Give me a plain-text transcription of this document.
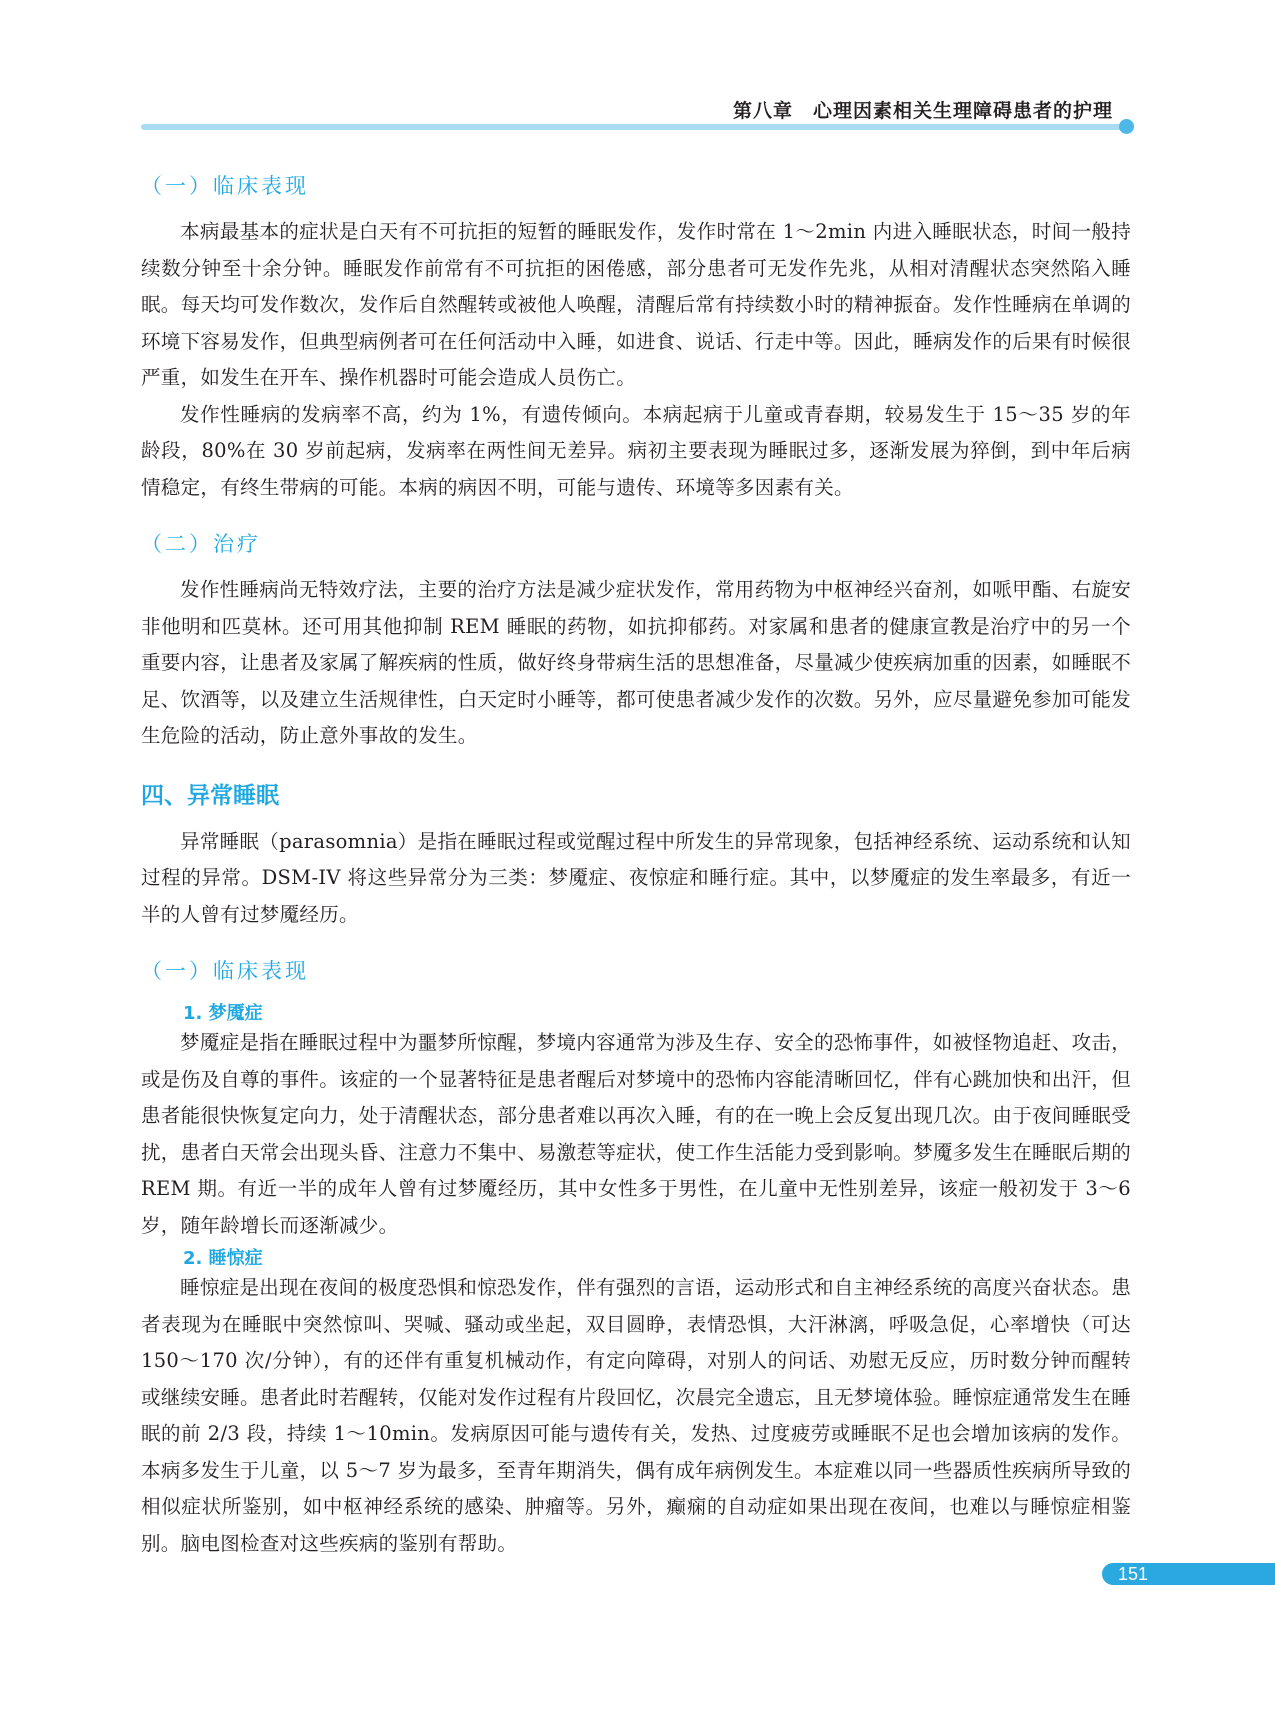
第八章　心理因素相关生理障碍患者的护理
（一）临床表现

本病最基本的症状是白天有不可抗拒的短暂的睡眠发作，发作时常在 1～2min 内进入睡眠状态，时间一般持续数分钟至十余分钟。睡眠发作前常有不可抗拒的困倦感，部分患者可无发作先兆，从相对清醒状态突然陷入睡眠。每天均可发作数次，发作后自然醒转或被他人唤醒，清醒后常有持续数小时的精神振奋。发作性睡病在单调的环境下容易发作，但典型病例者可在任何活动中入睡，如进食、说话、行走中等。因此，睡病发作的后果有时候很严重，如发生在开车、操作机器时可能会造成人员伤亡。

发作性睡病的发病率不高，约为 1%，有遗传倾向。本病起病于儿童或青春期，较易发生于 15～35 岁的年龄段，80%在 30 岁前起病，发病率在两性间无差异。病初主要表现为睡眠过多，逐渐发展为猝倒，到中年后病情稳定，有终生带病的可能。本病的病因不明，可能与遗传、环境等多因素有关。

（二）治疗

发作性睡病尚无特效疗法，主要的治疗方法是减少症状发作，常用药物为中枢神经兴奋剂，如哌甲酯、右旋安非他明和匹莫林。还可用其他抑制 REM 睡眠的药物，如抗抑郁药。对家属和患者的健康宣教是治疗中的另一个重要内容，让患者及家属了解疾病的性质，做好终身带病生活的思想准备，尽量减少使疾病加重的因素，如睡眠不足、饮酒等，以及建立生活规律性，白天定时小睡等，都可使患者减少发作的次数。另外，应尽量避免参加可能发生危险的活动，防止意外事故的发生。

四、异常睡眠

异常睡眠（parasomnia）是指在睡眠过程或觉醒过程中所发生的异常现象，包括神经系统、运动系统和认知过程的异常。DSM-IV 将这些异常分为三类：梦魇症、夜惊症和睡行症。其中，以梦魇症的发生率最多，有近一半的人曾有过梦魇经历。

（一）临床表现
1. 梦魇症

梦魇症是指在睡眠过程中为噩梦所惊醒，梦境内容通常为涉及生存、安全的恐怖事件，如被怪物追赶、攻击，或是伤及自尊的事件。该症的一个显著特征是患者醒后对梦境中的恐怖内容能清晰回忆，伴有心跳加快和出汗，但患者能很快恢复定向力，处于清醒状态，部分患者难以再次入睡，有的在一晚上会反复出现几次。由于夜间睡眠受扰，患者白天常会出现头昏、注意力不集中、易激惹等症状，使工作生活能力受到影响。梦魇多发生在睡眠后期的 REM 期。有近一半的成年人曾有过梦魇经历，其中女性多于男性，在儿童中无性别差异，该症一般初发于 3～6 岁，随年龄增长而逐渐减少。

2. 睡惊症

睡惊症是出现在夜间的极度恐惧和惊恐发作，伴有强烈的言语，运动形式和自主神经系统的高度兴奋状态。患者表现为在睡眠中突然惊叫、哭喊、骚动或坐起，双目圆睁，表情恐惧，大汗淋漓，呼吸急促，心率增快（可达 150～170 次/分钟），有的还伴有重复机械动作，有定向障碍，对别人的问话、劝慰无反应，历时数分钟而醒转或继续安睡。患者此时若醒转，仅能对发作过程有片段回忆，次晨完全遗忘，且无梦境体验。睡惊症通常发生在睡眠的前 2/3 段，持续 1～10min。发病原因可能与遗传有关，发热、过度疲劳或睡眠不足也会增加该病的发作。本病多发生于儿童，以 5～7 岁为最多，至青年期消失，偶有成年病例发生。本症难以同一些器质性疾病所导致的相似症状所鉴别，如中枢神经系统的感染、肿瘤等。另外，癫痫的自动症如果出现在夜间，也难以与睡惊症相鉴别。脑电图检查对这些疾病的鉴别有帮助。

151
